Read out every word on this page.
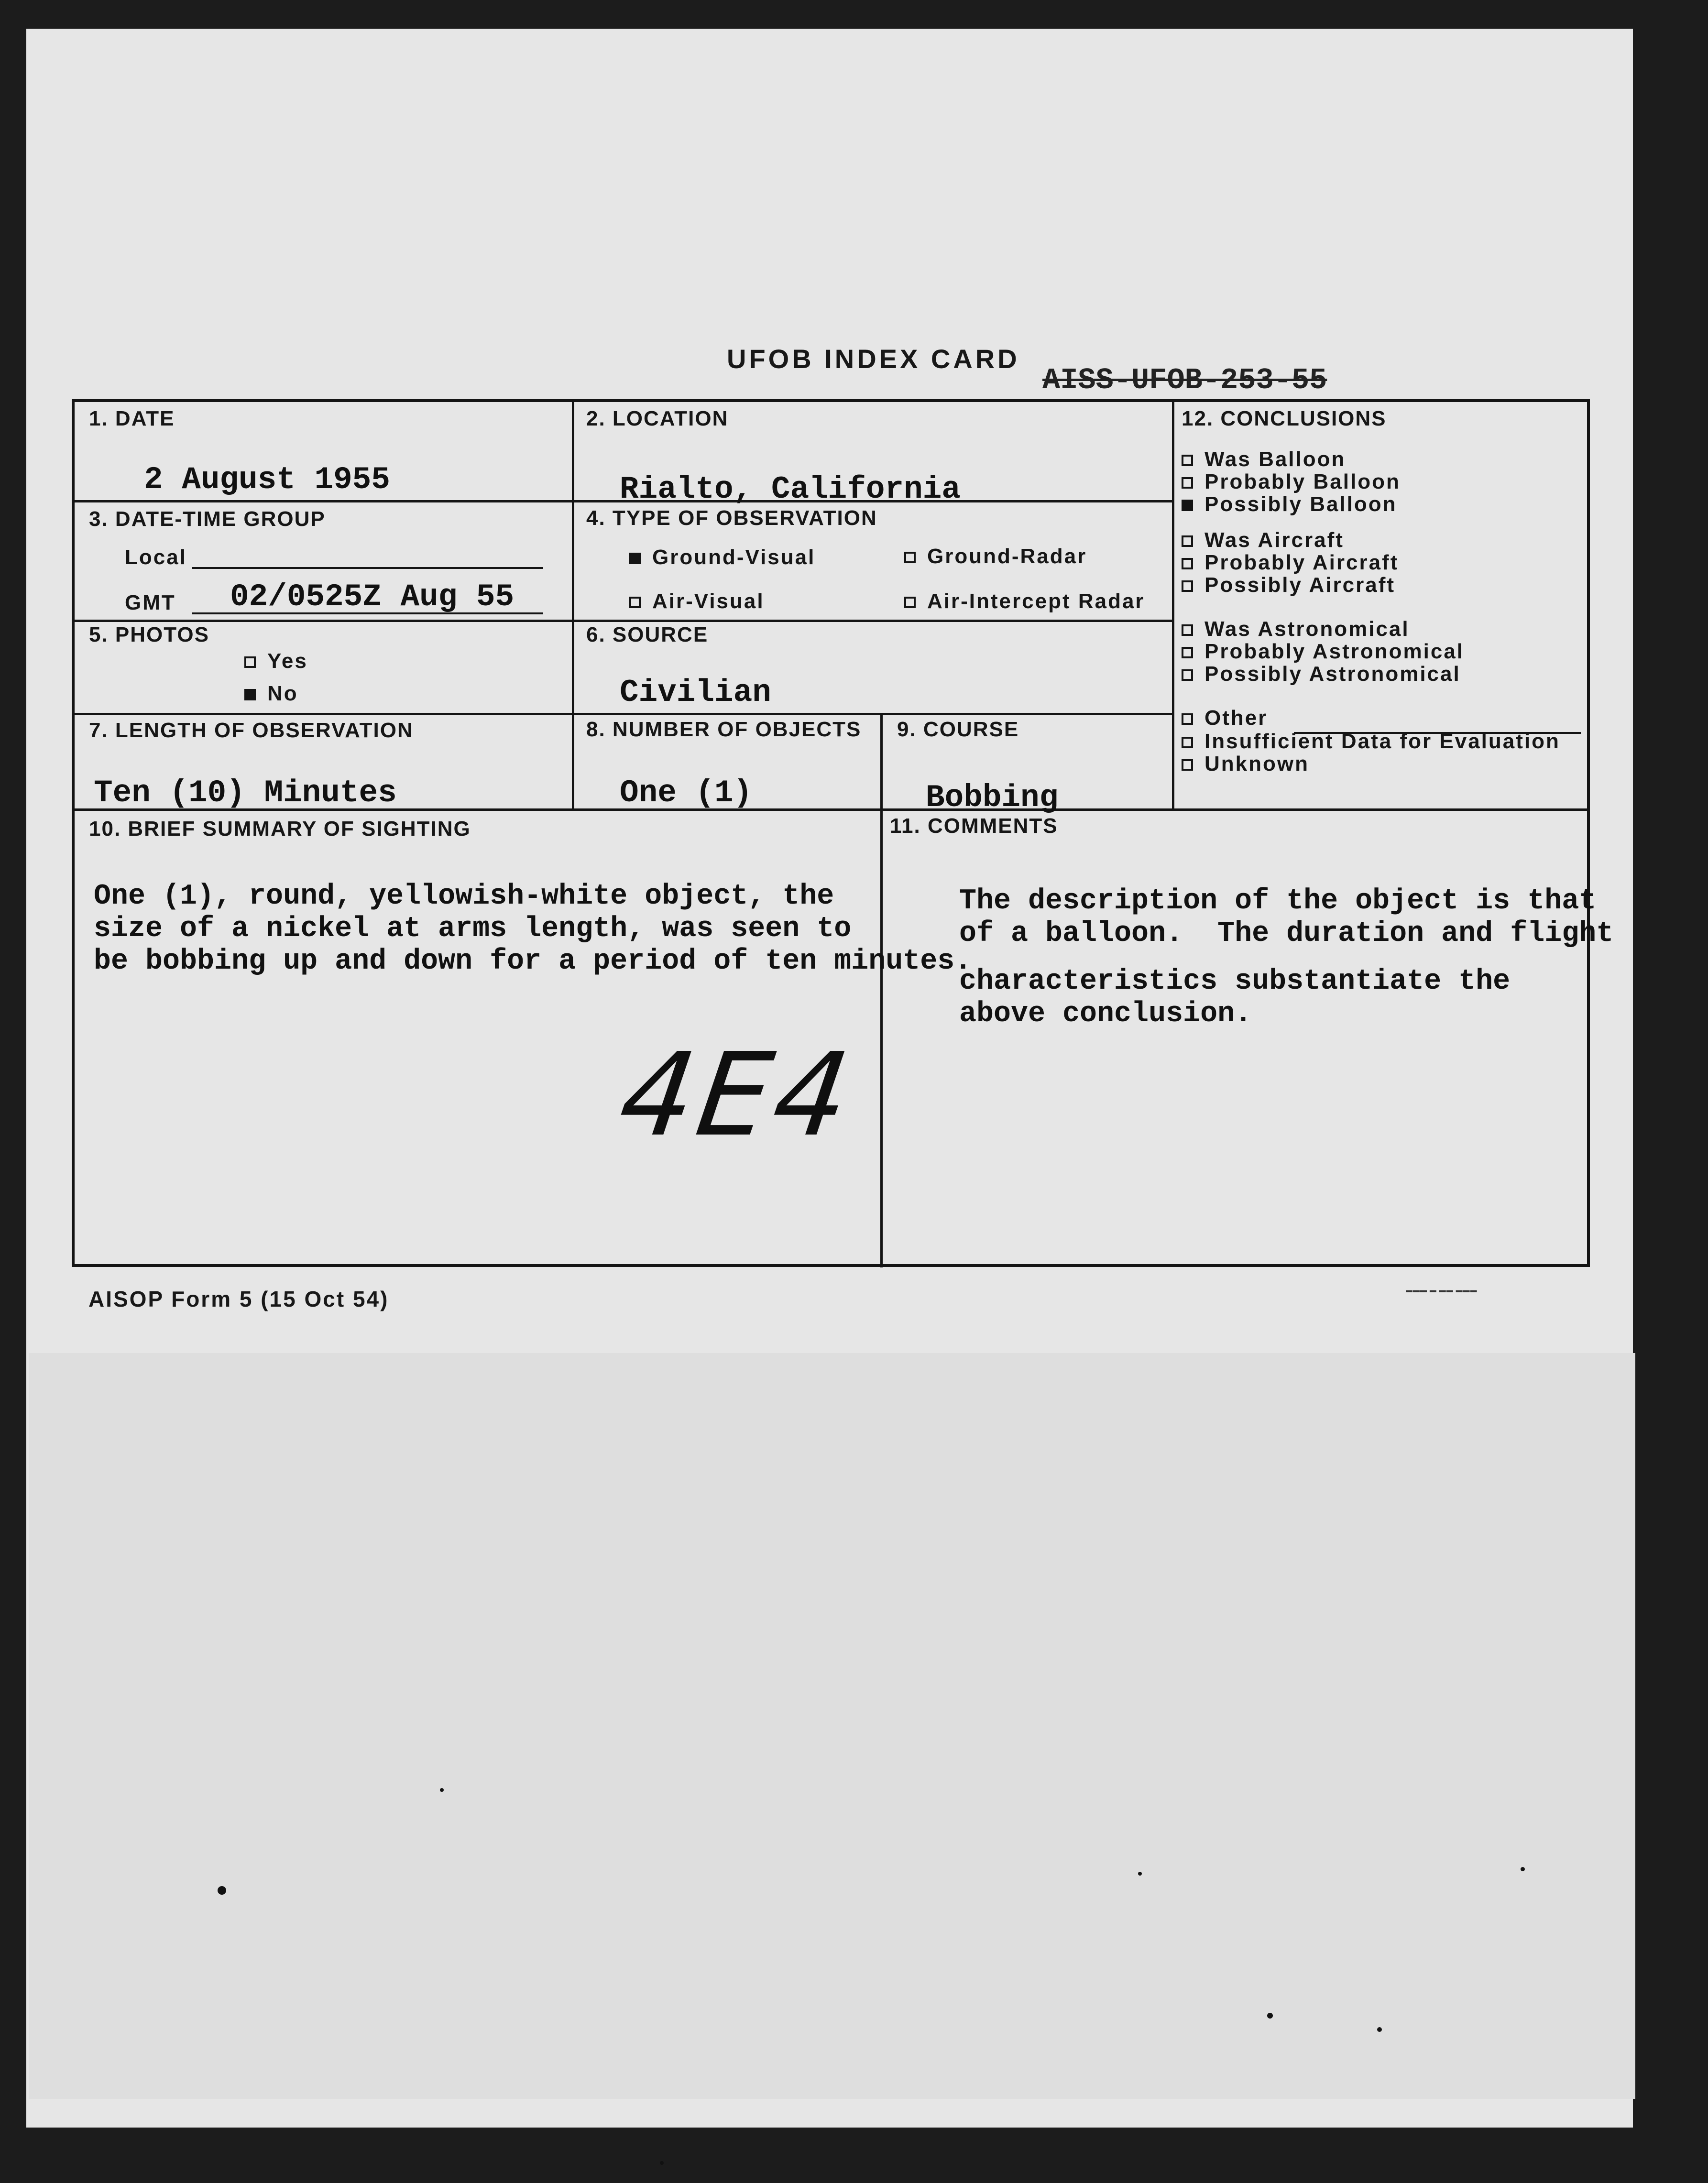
UFOB INDEX CARD
AISS-UFOB-253-55
1. DATE
2 August 1955
2. LOCATION
Rialto, California
3. DATE-TIME GROUP
Local
GMT 02/0525Z Aug 55
4. TYPE OF OBSERVATION
Ground-Visual	Ground-Radar
Air-Visual	Air-Intercept Radar
5. PHOTOS
Yes
No
6. SOURCE
Civilian
7. LENGTH OF OBSERVATION
Ten (10) Minutes
8. NUMBER OF OBJECTS
One (1)
9. COURSE
Bobbing
12. CONCLUSIONS
Was Balloon
Probably Balloon
Possibly Balloon
Was Aircraft
Probably Aircraft
Possibly Aircraft
Was Astronomical
Probably Astronomical
Possibly Astronomical
Other
Insufficient Data for Evaluation
Unknown
10. BRIEF SUMMARY OF SIGHTING
One (1), round, yellowish-white object, the
size of a nickel at arms length, was seen to
be bobbing up and down for a period of ten minutes.
11. COMMENTS
The description of the object is that
of a balloon.  The duration and flight
characteristics substantiate the
above conclusion.
4E4
AISOP Form 5 (15 Oct 54)	▬▬▬ ▬ ▬▬ ▬▬▬
